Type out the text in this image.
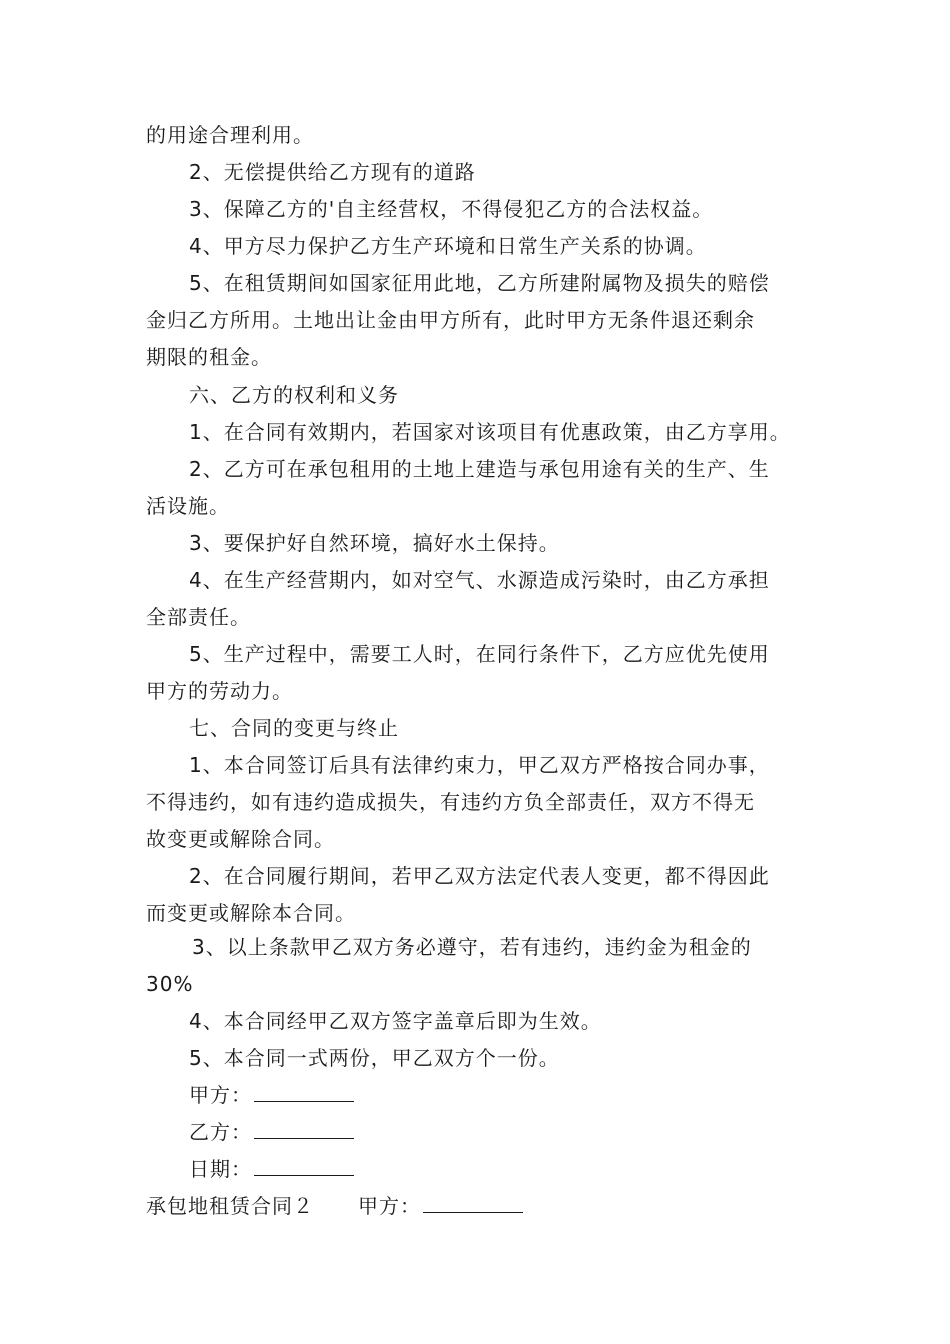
的用途合理利用。
2、无偿提供给乙方现有的道路
3、保障乙方的'自主经营权，不得侵犯乙方的合法权益。
4、甲方尽力保护乙方生产环境和日常生产关系的协调。
5、在租赁期间如国家征用此地，乙方所建附属物及损失的赔偿
金归乙方所用。土地出让金由甲方所有，此时甲方无条件退还剩余
期限的租金。
六、乙方的权利和义务
1、在合同有效期内，若国家对该项目有优惠政策，由乙方享用。
2、乙方可在承包租用的土地上建造与承包用途有关的生产、生
活设施。
3、要保护好自然环境，搞好水土保持。
4、在生产经营期内，如对空气、水源造成污染时，由乙方承担
全部责任。
5、生产过程中，需要工人时，在同行条件下，乙方应优先使用
甲方的劳动力。
七、合同的变更与终止
1、本合同签订后具有法律约束力，甲乙双方严格按合同办事，
不得违约，如有违约造成损失，有违约方负全部责任，双方不得无
故变更或解除合同。
2、在合同履行期间，若甲乙双方法定代表人变更，都不得因此
而变更或解除本合同。
3、以上条款甲乙双方务必遵守，若有违约，违约金为租金的
30%
4、本合同经甲乙双方签字盖章后即为生效。
5、本合同一式两份，甲乙双方个一份。
甲方：
乙方：
日期：
承包地租赁合同２ 甲方：
